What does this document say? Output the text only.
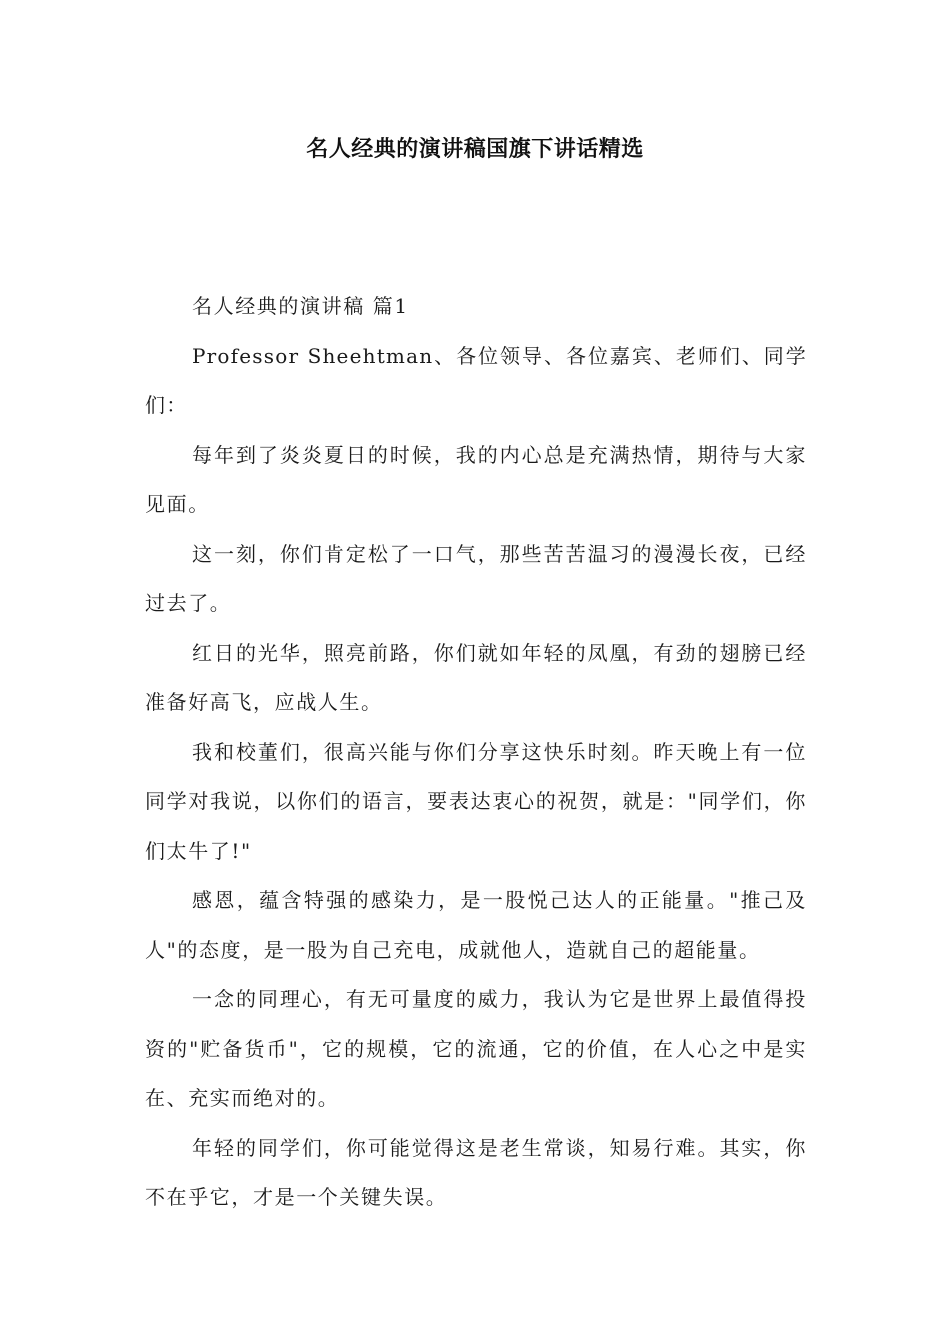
名人经典的演讲稿国旗下讲话精选

名人经典的演讲稿 篇1

Professor Sheehtman、各位领导、各位嘉宾、老师们、同学们：

每年到了炎炎夏日的时候，我的内心总是充满热情，期待与大家见面。

这一刻，你们肯定松了一口气，那些苦苦温习的漫漫长夜，已经过去了。

红日的光华，照亮前路，你们就如年轻的凤凰，有劲的翅膀已经准备好高飞，应战人生。

我和校董们，很高兴能与你们分享这快乐时刻。昨天晚上有一位同学对我说，以你们的语言，要表达衷心的祝贺，就是："同学们，你们太牛了!"

感恩，蕴含特强的感染力，是一股悦己达人的正能量。"推己及人"的态度，是一股为自己充电，成就他人，造就自己的超能量。

一念的同理心，有无可量度的威力，我认为它是世界上最值得投资的"贮备货币"，它的规模，它的流通，它的价值，在人心之中是实在、充实而绝对的。

年轻的同学们，你可能觉得这是老生常谈，知易行难。其实，你不在乎它，才是一个关键失误。
